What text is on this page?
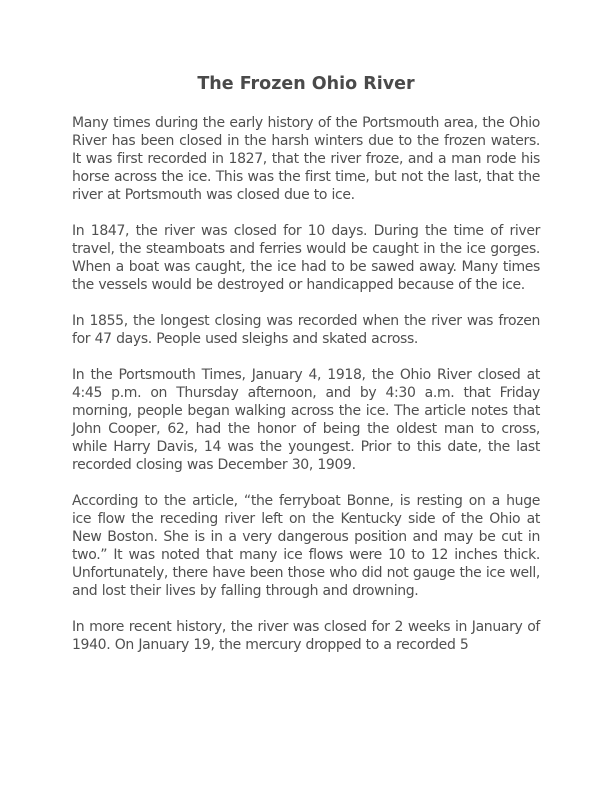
The Frozen Ohio River
Many times during the early history of the Portsmouth area, the Ohio River has been closed in the harsh winters due to the frozen waters. It was first recorded in 1827, that the river froze, and a man rode his horse across the ice. This was the first time, but not the last, that the river at Portsmouth was closed due to ice.
In 1847, the river was closed for 10 days. During the time of river travel, the steamboats and ferries would be caught in the ice gorges. When a boat was caught, the ice had to be sawed away. Many times the vessels would be destroyed or handicapped because of the ice.
In 1855, the longest closing was recorded when the river was frozen for 47 days. People used sleighs and skated across.
In the Portsmouth Times, January 4, 1918, the Ohio River closed at 4:45 p.m. on Thursday afternoon, and by 4:30 a.m. that Friday morning, people began walking across the ice. The article notes that John Cooper, 62, had the honor of being the oldest man to cross, while Harry Davis, 14 was the youngest. Prior to this date, the last recorded closing was December 30, 1909.
According to the article, “the ferryboat Bonne, is resting on a huge ice flow the receding river left on the Kentucky side of the Ohio at New Boston. She is in a very dangerous position and may be cut in two.” It was noted that many ice flows were 10 to 12 inches thick. Unfortunately, there have been those who did not gauge the ice well, and lost their lives by falling through and drowning.
In more recent history, the river was closed for 2 weeks in January of 1940. On January 19, the mercury dropped to a recorded 5
